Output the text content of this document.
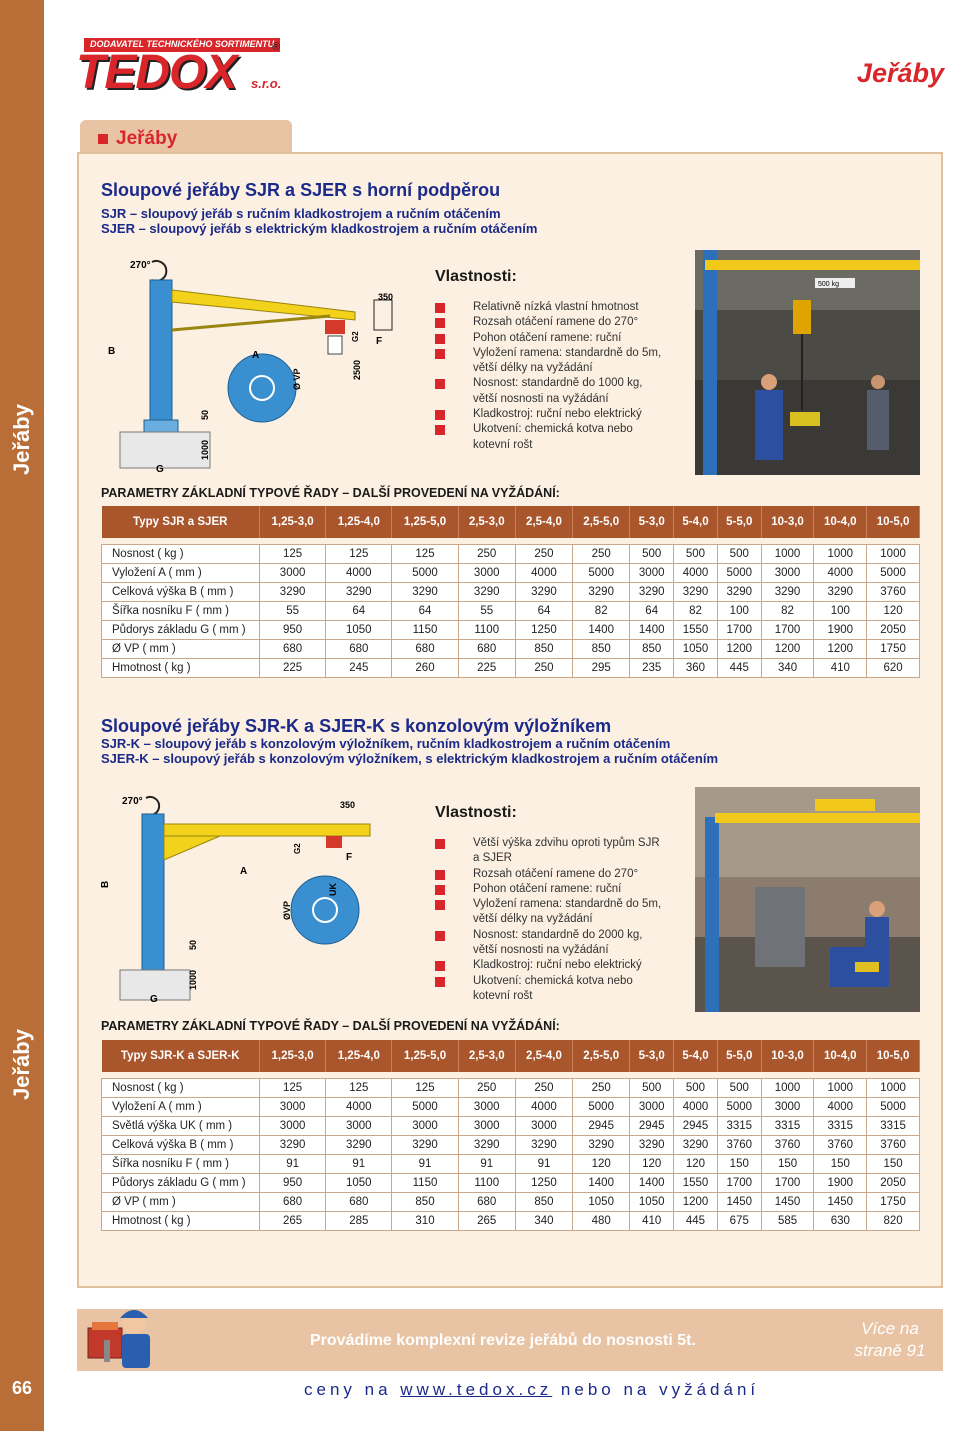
Jeřáby
Jeřáby
66
DODAVATEL TECHNICKÉHO SORTIMENTU
TEDOX s.r.o.
®
Jeřáby
Jeřáby
Sloupové jeřáby SJR a SJER s horní podpěrou
SJR – sloupový jeřáb s ručním kladkostrojem a ručním otáčením
SJER – sloupový jeřáb s elektrickým kladkostrojem a ručním otáčením
270°
B	A
Ø VP	2500
350
G2 F
50
1000
G
Vlastnosti:
Relativně nízká vlastní hmotnost
Rozsah otáčení ramene do 270°
Pohon otáčení ramene: ruční
Vyložení ramena: standardně do 5m,
větší délky na vyžádání
Nosnost: standardně do 1000 kg,
větší nosnosti na vyžádání
Kladkostroj: ruční nebo elektrický
Ukotvení: chemická kotva nebo
kotevní rošt
500 kg
PARAMETRY ZÁKLADNÍ TYPOVÉ ŘADY – DALŠÍ PROVEDENÍ NA VYŽÁDÁNÍ:
Typy SJR a SJER	1,25-3,0	1,25-4,0	1,25-5,0	2,5-3,0	2,5-4,0	2,5-5,0	5-3,0	5-4,0	5-5,0	10-3,0	10-4,0	10-5,0

Nosnost ( kg )	125	125	125	250	250	250	500	500	500	1000	1000	1000
Vyložení A ( mm )	3000	4000	5000	3000	4000	5000	3000	4000	5000	3000	4000	5000
Celková výška B ( mm )	3290	3290	3290	3290	3290	3290	3290	3290	3290	3290	3290	3760
Šířka nosníku F ( mm )	55	64	64	55	64	82	64	82	100	82	100	120
Půdorys základu G ( mm )	950	1050	1150	1100	1250	1400	1400	1550	1700	1700	1900	2050
Ø VP ( mm )	680	680	680	680	850	850	850	1050	1200	1200	1200	1750
Hmotnost ( kg )	225	245	260	225	250	295	235	360	445	340	410	620
Sloupové jeřáby SJR-K a SJER-K s konzolovým výložníkem
SJR-K – sloupový jeřáb s konzolovým výložníkem, ručním kladkostrojem a ručním otáčením
SJER-K – sloupový jeřáb s konzolovým výložníkem, s elektrickým kladkostrojem a ručním otáčením
270°	350
G2
F
B
A
UK
ØVP
50
1000
G
Vlastnosti:
Větší výška zdvihu oproti typům SJR
a SJER
Rozsah otáčení ramene do 270°
Pohon otáčení ramene: ruční
Vyložení ramena: standardně do 5m,
větší délky na vyžádání
Nosnost: standardně do 2000 kg,
větší nosnosti na vyžádání
Kladkostroj: ruční nebo elektrický
Ukotvení: chemická kotva nebo
kotevní rošt
PARAMETRY ZÁKLADNÍ TYPOVÉ ŘADY – DALŠÍ PROVEDENÍ NA VYŽÁDÁNÍ:
Typy SJR-K a SJER-K	1,25-3,0	1,25-4,0	1,25-5,0	2,5-3,0	2,5-4,0	2,5-5,0	5-3,0	5-4,0	5-5,0	10-3,0	10-4,0	10-5,0

Nosnost ( kg )	125	125	125	250	250	250	500	500	500	1000	1000	1000
Vyložení A ( mm )	3000	4000	5000	3000	4000	5000	3000	4000	5000	3000	4000	5000
Světlá výška UK ( mm )	3000	3000	3000	3000	3000	2945	2945	2945	3315	3315	3315	3315
Celková výška B ( mm )	3290	3290	3290	3290	3290	3290	3290	3290	3760	3760	3760	3760
Šířka nosníku F ( mm )	91	91	91	91	91	120	120	120	150	150	150	150
Půdorys základu G ( mm )	950	1050	1150	1100	1250	1400	1400	1550	1700	1700	1900	2050
Ø VP ( mm )	680	680	850	680	850	1050	1050	1200	1450	1450	1450	1750
Hmotnost ( kg )	265	285	310	265	340	480	410	445	675	585	630	820
Provádíme komplexní revize jeřábů do nosnosti 5t.
Více na
straně 91
ceny na www.tedox.cz nebo na vyžádání
